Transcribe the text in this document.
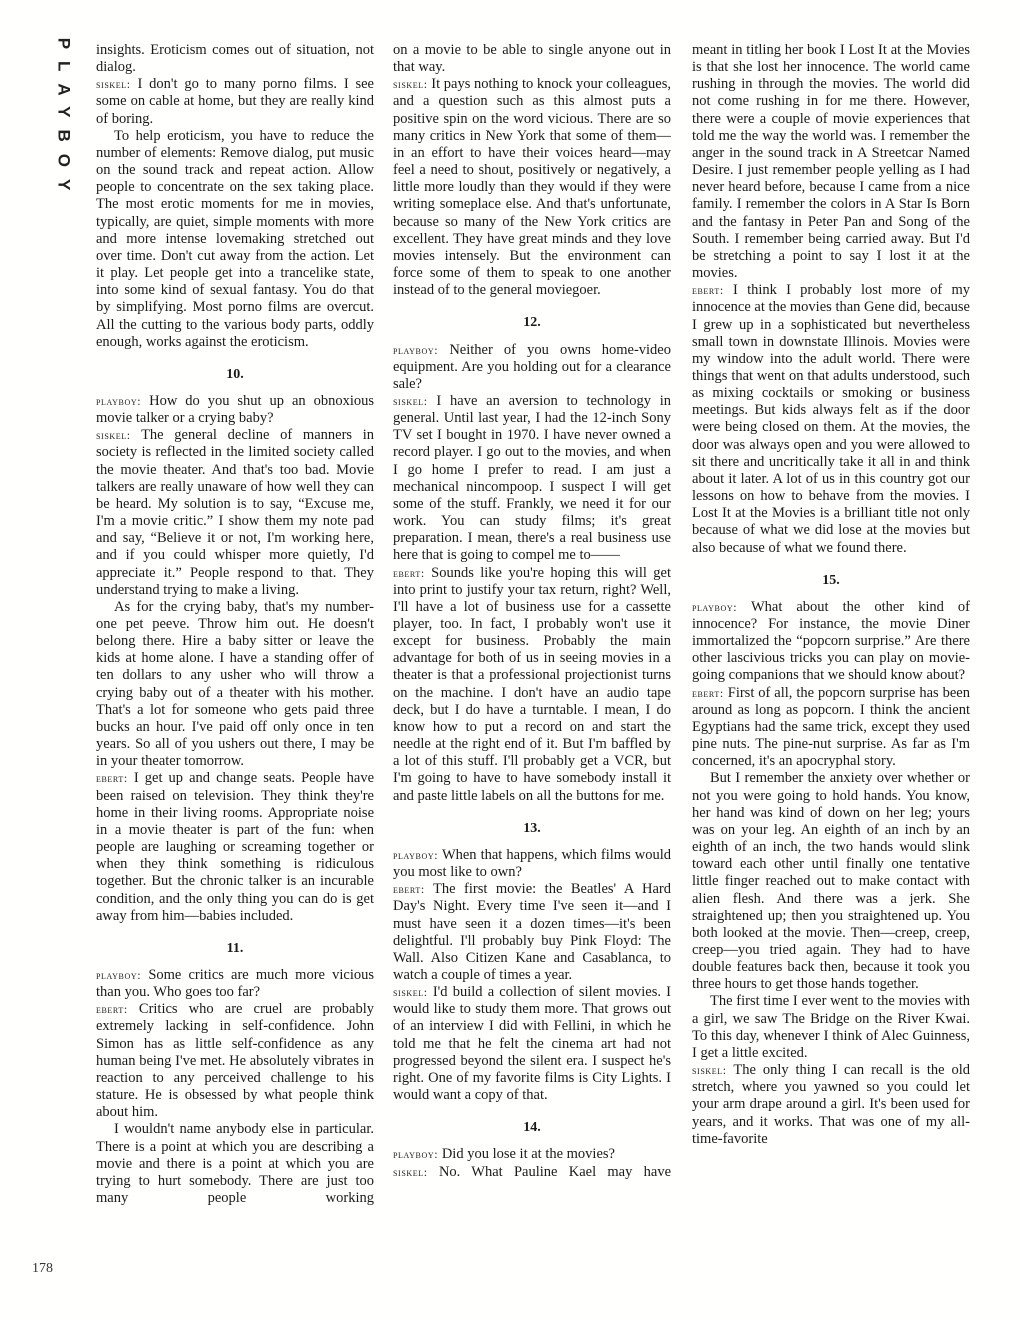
PLAYBOY insights. Eroticism comes out of situation, not dialog.

siskel: I don't go to many porno films. I see some on cable at home, but they are really kind of boring.

To help eroticism, you have to reduce the number of elements: Remove dialog, put music on the sound track and repeat action. Allow people to concentrate on the sex taking place. The most erotic moments for me in movies, typically, are quiet, simple moments with more and more intense lovemaking stretched out over time. Don't cut away from the action. Let it play. Let people get into a trancelike state, into some kind of sexual fantasy. You do that by simplifying. Most porno films are overcut. All the cutting to the various body parts, oddly enough, works against the eroticism.

10.

playboy: How do you shut up an obnoxious movie talker or a crying baby?

siskel: The general decline of manners in society is reflected in the limited society called the movie theater. And that's too bad. Movie talkers are really unaware of how well they can be heard. My solution is to say, “Excuse me, I'm a movie critic.” I show them my note pad and say, “Believe it or not, I'm working here, and if you could whisper more quietly, I'd appreciate it.” People respond to that. They understand trying to make a living.

As for the crying baby, that's my number-one pet peeve. Throw him out. He doesn't belong there. Hire a baby sitter or leave the kids at home alone. I have a standing offer of ten dollars to any usher who will throw a crying baby out of a theater with his mother. That's a lot for someone who gets paid three bucks an hour. I've paid off only once in ten years. So all of you ushers out there, I may be in your theater tomorrow.

ebert: I get up and change seats. People have been raised on television. They think they're home in their living rooms. Appropriate noise in a movie theater is part of the fun: when people are laughing or screaming together or when they think something is ridiculous together. But the chronic talker is an incurable condition, and the only thing you can do is get away from him—babies included.

11.

playboy: Some critics are much more vicious than you. Who goes too far?

ebert: Critics who are cruel are probably extremely lacking in self-confidence. John Simon has as little self-confidence as any human being I've met. He absolutely vibrates in reaction to any perceived challenge to his stature. He is obsessed by what people think about him.

I wouldn't name anybody else in particular. There is a point at which you are describing a movie and there is a point at which you are trying to hurt somebody. There are just too many people working

on a movie to be able to single anyone out in that way.

siskel: It pays nothing to knock your colleagues, and a question such as this almost puts a positive spin on the word vicious. There are so many critics in New York that some of them—in an effort to have their voices heard—may feel a need to shout, positively or negatively, a little more loudly than they would if they were writing someplace else. And that's unfortunate, because so many of the New York critics are excellent. They have great minds and they love movies intensely. But the environment can force some of them to speak to one another instead of to the general moviegoer.

12.

playboy: Neither of you owns home-video equipment. Are you holding out for a clearance sale?

siskel: I have an aversion to technology in general. Until last year, I had the 12-inch Sony TV set I bought in 1970. I have never owned a record player. I go out to the movies, and when I go home I prefer to read. I am just a mechanical nincompoop. I suspect I will get some of the stuff. Frankly, we need it for our work. You can study films; it's great preparation. I mean, there's a real business use here that is going to compel me to——

ebert: Sounds like you're hoping this will get into print to justify your tax return, right? Well, I'll have a lot of business use for a cassette player, too. In fact, I probably won't use it except for business. Probably the main advantage for both of us in seeing movies in a theater is that a professional projectionist turns on the machine. I don't have an audio tape deck, but I do have a turntable. I mean, I do know how to put a record on and start the needle at the right end of it. But I'm baffled by a lot of this stuff. I'll probably get a VCR, but I'm going to have to have somebody install it and paste little labels on all the buttons for me.

13.

playboy: When that happens, which films would you most like to own?

ebert: The first movie: the Beatles' A Hard Day's Night. Every time I've seen it—and I must have seen it a dozen times—it's been delightful. I'll probably buy Pink Floyd: The Wall. Also Citizen Kane and Casablanca, to watch a couple of times a year.

siskel: I'd build a collection of silent movies. I would like to study them more. That grows out of an interview I did with Fellini, in which he told me that he felt the cinema art had not progressed beyond the silent era. I suspect he's right. One of my favorite films is City Lights. I would want a copy of that.

14.

playboy: Did you lose it at the movies?

siskel: No. What Pauline Kael may have

meant in titling her book I Lost It at the Movies is that she lost her innocence. The world came rushing in through the movies. The world did not come rushing in for me there. However, there were a couple of movie experiences that told me the way the world was. I remember the anger in the sound track in A Streetcar Named Desire. I just remember people yelling as I had never heard before, because I came from a nice family. I remember the colors in A Star Is Born and the fantasy in Peter Pan and Song of the South. I remember being carried away. But I'd be stretching a point to say I lost it at the movies.

ebert: I think I probably lost more of my innocence at the movies than Gene did, because I grew up in a sophisticated but nevertheless small town in downstate Illinois. Movies were my window into the adult world. There were things that went on that adults understood, such as mixing cocktails or smoking or business meetings. But kids always felt as if the door were being closed on them. At the movies, the door was always open and you were allowed to sit there and uncritically take it all in and think about it later. A lot of us in this country got our lessons on how to behave from the movies. I Lost It at the Movies is a brilliant title not only because of what we did lose at the movies but also because of what we found there.

15.

playboy: What about the other kind of innocence? For instance, the movie Diner immortalized the “popcorn surprise.” Are there other lascivious tricks you can play on movie-going companions that we should know about?

ebert: First of all, the popcorn surprise has been around as long as popcorn. I think the ancient Egyptians had the same trick, except they used pine nuts. The pine-nut surprise. As far as I'm concerned, it's an apocryphal story.

But I remember the anxiety over whether or not you were going to hold hands. You know, her hand was kind of down on her leg; yours was on your leg. An eighth of an inch by an eighth of an inch, the two hands would slink toward each other until finally one tentative little finger reached out to make contact with alien flesh. And there was a jerk. She straightened up; then you straightened up. You both looked at the movie. Then—creep, creep, creep—you tried again. They had to have double features back then, because it took you three hours to get those hands together.

The first time I ever went to the movies with a girl, we saw The Bridge on the River Kwai. To this day, whenever I think of Alec Guinness, I get a little excited.

siskel: The only thing I can recall is the old stretch, where you yawned so you could let your arm drape around a girl. It's been used for years, and it works. That was one of my all-time-favorite

178
